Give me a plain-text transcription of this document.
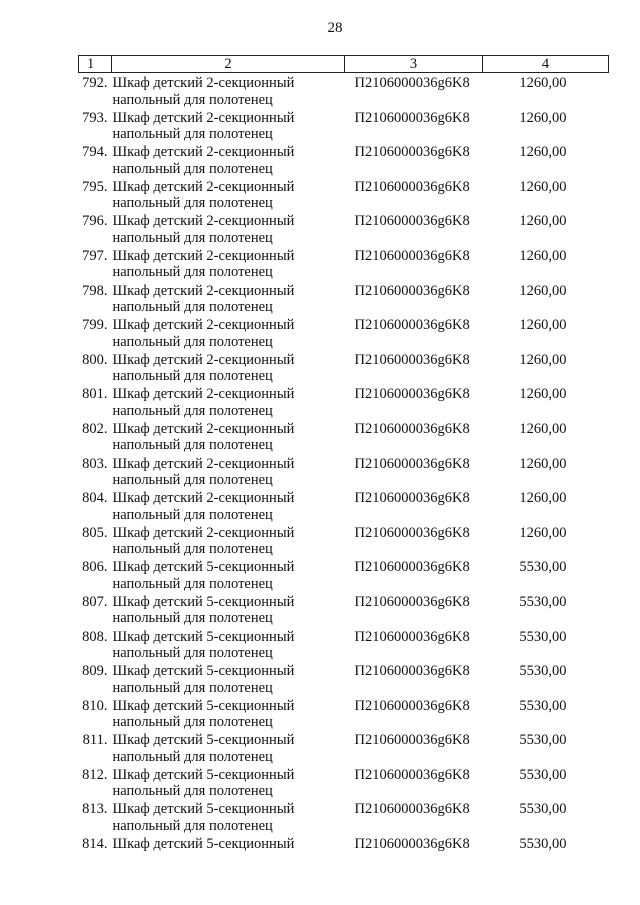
28
1	2	3	4
792.	Шкаф детский 2-секционный
напольный для полотенец	П2106000036g6K8	1260,00
793.	Шкаф детский 2-секционный
напольный для полотенец	П2106000036g6K8	1260,00
794.	Шкаф детский 2-секционный
напольный для полотенец	П2106000036g6K8	1260,00
795.	Шкаф детский 2-секционный
напольный для полотенец	П2106000036g6K8	1260,00
796.	Шкаф детский 2-секционный
напольный для полотенец	П2106000036g6K8	1260,00
797.	Шкаф детский 2-секционный
напольный для полотенец	П2106000036g6K8	1260,00
798.	Шкаф детский 2-секционный
напольный для полотенец	П2106000036g6K8	1260,00
799.	Шкаф детский 2-секционный
напольный для полотенец	П2106000036g6K8	1260,00
800.	Шкаф детский 2-секционный
напольный для полотенец	П2106000036g6K8	1260,00
801.	Шкаф детский 2-секционный
напольный для полотенец	П2106000036g6K8	1260,00
802.	Шкаф детский 2-секционный
напольный для полотенец	П2106000036g6K8	1260,00
803.	Шкаф детский 2-секционный
напольный для полотенец	П2106000036g6K8	1260,00
804.	Шкаф детский 2-секционный
напольный для полотенец	П2106000036g6K8	1260,00
805.	Шкаф детский 2-секционный
напольный для полотенец	П2106000036g6K8	1260,00
806.	Шкаф детский 5-секционный
напольный для полотенец	П2106000036g6K8	5530,00
807.	Шкаф детский 5-секционный
напольный для полотенец	П2106000036g6K8	5530,00
808.	Шкаф детский 5-секционный
напольный для полотенец	П2106000036g6K8	5530,00
809.	Шкаф детский 5-секционный
напольный для полотенец	П2106000036g6K8	5530,00
810.	Шкаф детский 5-секционный
напольный для полотенец	П2106000036g6K8	5530,00
811.	Шкаф детский 5-секционный
напольный для полотенец	П2106000036g6K8	5530,00
812.	Шкаф детский 5-секционный
напольный для полотенец	П2106000036g6K8	5530,00
813.	Шкаф детский 5-секционный
напольный для полотенец	П2106000036g6K8	5530,00
814.	Шкаф детский 5-секционный	П2106000036g6K8	5530,00
